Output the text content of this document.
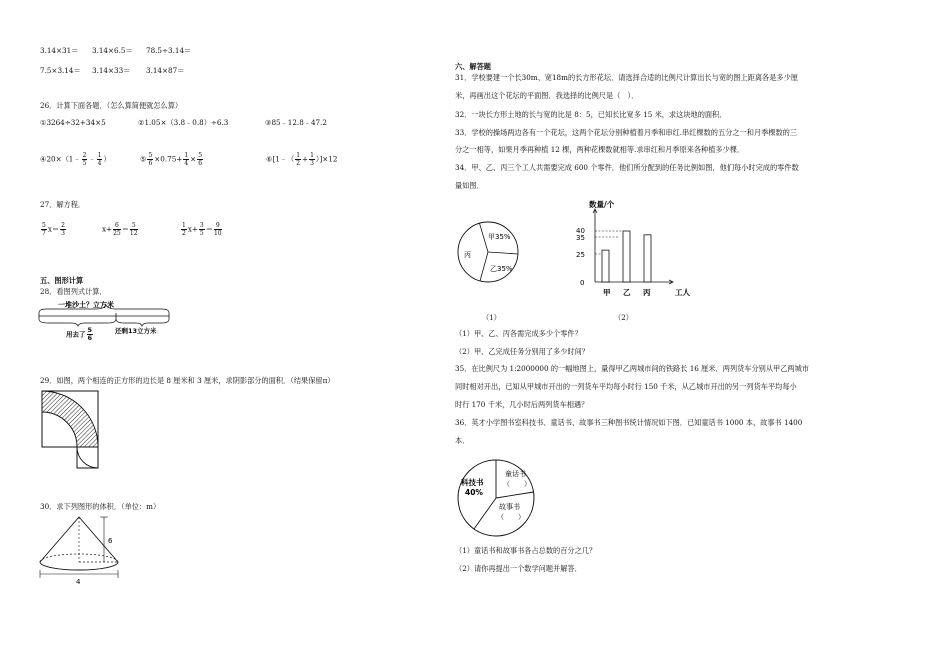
3.14×31＝ 3.14×6.5＝ 78.5÷3.14＝
7.5×3.14＝ 3.14×33＝ 3.14×87＝
26．计算下面各题．（怎么算简便就怎么算）
①3264÷32+34×5	②1.05×（3.8﹣0.8）÷6.3	③85﹣12.8﹣47.2
④20×（1﹣ $\frac{2}{5}$ ﹣ $\frac{1}{4}$ ）	⑤ $\frac{5}{6} \times 0.75+ \frac{1}{4} \times \frac{5}{6}$	⑥[1﹣（ $\frac{1}{2} + \frac{1}{3} )]\times 12$
27．解方程．
$\frac{5}{7} x= \frac{2}{3}$	$x+ \frac{6}{25} = \frac{5}{12}$	$\frac{1}{2} x+ \frac{3}{5} = \frac{9}{10}$
五、图形计算
28．看图列式计算．
一堆沙土？立方米
用去了 $\frac{5}{6}$	还剩13立方米
29．如图，两个相连的正方形的边长是 8 厘米和 3 厘米，求阴影部分的面积．（结果保留π）
30．求下列图形的体积．（单位：m）
6
4
六、解答题
31．学校要建一个长30m、宽18m的长方形花坛．请选择合适的比例尺计算出长与宽的图上距离各是多少厘
米，再画出这个花坛的平面图．我选择的比例尺是（　）．
32．一块长方形土地的长与宽的比是 8：5，已知长比宽多 15 米，求这块地的面积．
33．学校的操场两边各有一个花坛，这两个花坛分别种植着月季和串红.串红棵数的五分之一和月季棵数的三
分之一相等，如果月季再种植 12 棵，两种花棵数就相等.求串红和月季原来各种植多少棵．
34．甲、乙、丙三个工人共需要完成 600 个零件．他们所分配到的任务比例如图．他们每小时完成的零件数
量如图．
甲35%
乙35%
丙
（1）
数量/个
工人
0
25
35
40
甲 乙 丙
（2）
（1）甲、乙、丙各需完成多少个零件？
（2）甲、乙完成任务分别用了多少时间？
35．在比例尺为 1:2000000 的一幅地图上，量得甲乙两城市间的铁路长 16 厘米．两列货车分别从甲乙两城市
同时相对开出，已知从甲城市开出的一列货车平均每小时行 150 千米，从乙城市开出的另一列货车平均每小
时行 170 千米，几小时后两列货车相遇？
36．英才小学图书室科技书、童话书、故事书三种图书统计情况如下图．已知童话书 1000 本，故事书 1400
本．
科技书
40%
童话书
（　　）
故事书
（　　）
（1）童话书和故事书各占总数的百分之几？
（2）请你再提出一个数学问题并解答．
